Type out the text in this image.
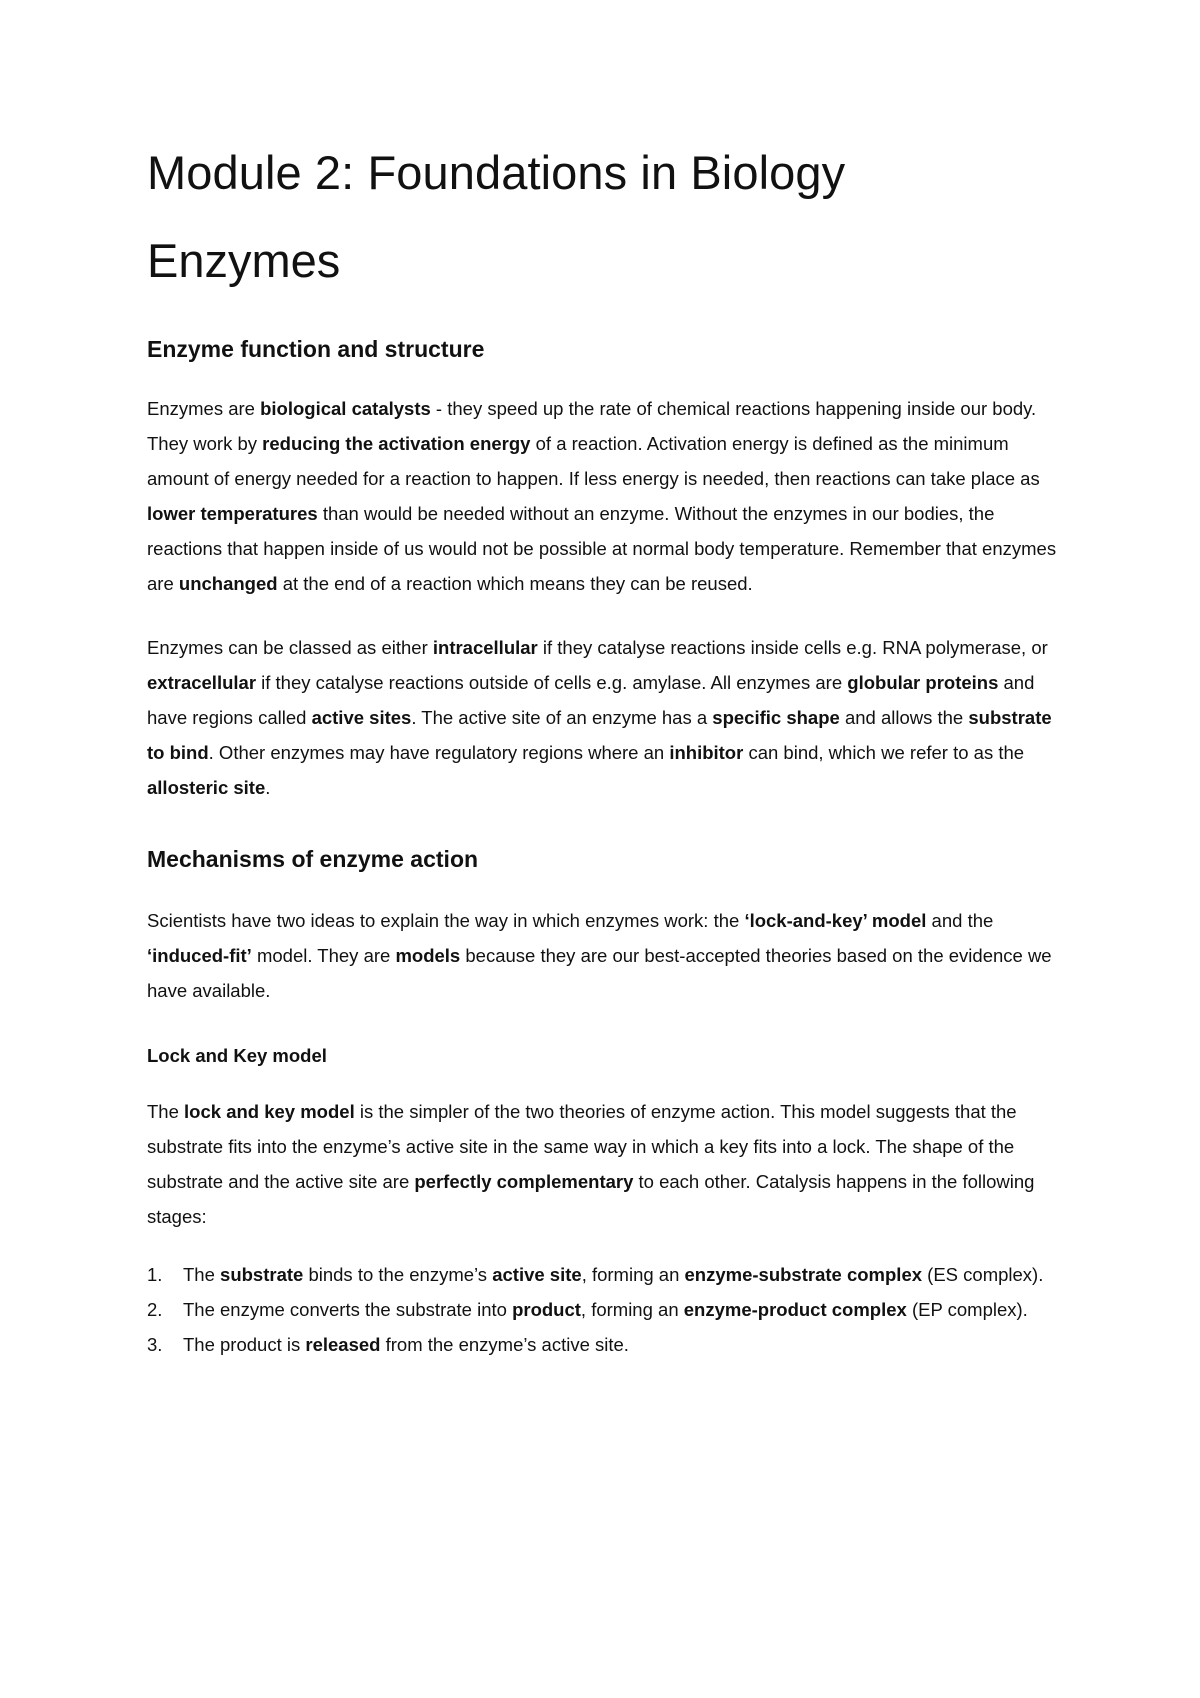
Module 2: Foundations in Biology
Enzymes
Enzyme function and structure

Enzymes are biological catalysts - they speed up the rate of chemical reactions happening inside our body. They work by reducing the activation energy of a reaction. Activation energy is defined as the minimum amount of energy needed for a reaction to happen. If less energy is needed, then reactions can take place as lower temperatures than would be needed without an enzyme. Without the enzymes in our bodies, the reactions that happen inside of us would not be possible at normal body temperature. Remember that enzymes are unchanged at the end of a reaction which means they can be reused.

Enzymes can be classed as either intracellular if they catalyse reactions inside cells e.g. RNA polymerase, or extracellular if they catalyse reactions outside of cells e.g. amylase. All enzymes are globular proteins and have regions called active sites. The active site of an enzyme has a specific shape and allows the substrate to bind. Other enzymes may have regulatory regions where an inhibitor can bind, which we refer to as the allosteric site.

Mechanisms of enzyme action

Scientists have two ideas to explain the way in which enzymes work: the ‘lock-and-key’ model and the ‘induced-fit’ model. They are models because they are our best-accepted theories based on the evidence we have available.

Lock and Key model

The lock and key model is the simpler of the two theories of enzyme action. This model suggests that the substrate fits into the enzyme’s active site in the same way in which a key fits into a lock. The shape of the substrate and the active site are perfectly complementary to each other. Catalysis happens in the following stages:

1. The substrate binds to the enzyme’s active site, forming an enzyme-substrate complex (ES complex).
2. The enzyme converts the substrate into product, forming an enzyme-product complex (EP complex).
3. The product is released from the enzyme’s active site.
